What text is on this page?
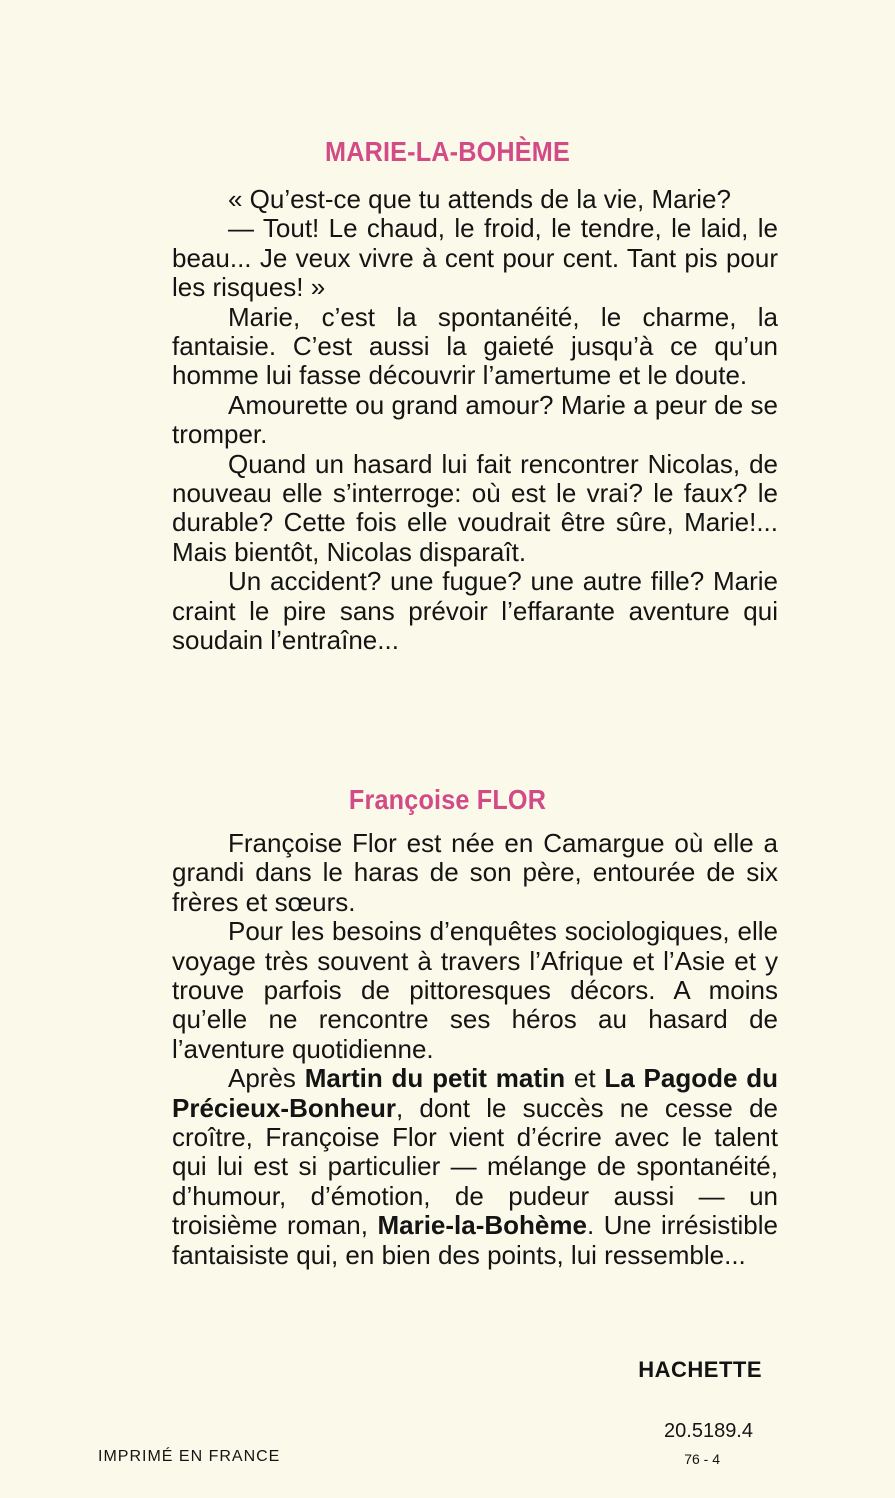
MARIE-LA-BOHÈME

« Qu’est-ce que tu attends de la vie, Marie?

— Tout! Le chaud, le froid, le tendre, le laid, le beau... Je veux vivre à cent pour cent. Tant pis pour les risques! »

Marie, c’est la spontanéité, le charme, la fantaisie. C’est aussi la gaieté jusqu’à ce qu’un homme lui fasse découvrir l’amertume et le doute.

Amourette ou grand amour? Marie a peur de se tromper.

Quand un hasard lui fait rencontrer Nicolas, de nouveau elle s’interroge: où est le vrai? le faux? le durable? Cette fois elle voudrait être sûre, Marie!... Mais bientôt, Nicolas disparaît.

Un accident? une fugue? une autre fille? Marie craint le pire sans prévoir l’effarante aventure qui soudain l’entraîne...

Françoise FLOR

Françoise Flor est née en Camargue où elle a grandi dans le haras de son père, entourée de six frères et sœurs.

Pour les besoins d’enquêtes sociologiques, elle voyage très souvent à travers l’Afrique et l’Asie et y trouve parfois de pittoresques décors. A moins qu’elle ne rencontre ses héros au hasard de l’aventure quotidienne.

Après Martin du petit matin et La Pagode du Précieux-Bonheur, dont le succès ne cesse de croître, Françoise Flor vient d’écrire avec le talent qui lui est si particulier — mélange de spontanéité, d’humour, d’émotion, de pudeur aussi — un troisième roman, Marie-la-Bohème. Une irrésistible fantaisiste qui, en bien des points, lui ressemble...

HACHETTE

20.5189.4

IMPRIMÉ EN FRANCE	76 - 4
